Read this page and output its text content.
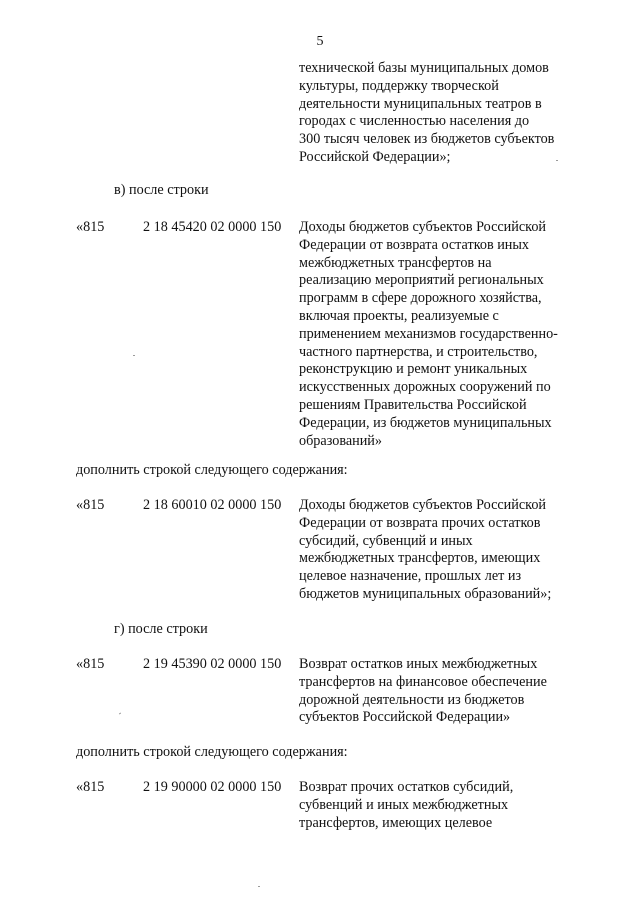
5
технической базы муниципальных домов
культуры, поддержку творческой
деятельности муниципальных театров в
городах с численностью населения до
300 тысяч человек из бюджетов субъектов
Российской Федерации»;
в) после строки
«815	2 18 45420 02 0000 150 Доходы бюджетов субъектов Российской
Федерации от возврата остатков иных
межбюджетных трансфертов на
реализацию мероприятий региональных
программ в сфере дорожного хозяйства,
включая проекты, реализуемые с
применением механизмов государственно-
частного партнерства, и строительство,
реконструкцию и ремонт уникальных
искусственных дорожных сооружений по
решениям Правительства Российской
Федерации, из бюджетов муниципальных
образований»
дополнить строкой следующего содержания:
«815	2 18 60010 02 0000 150 Доходы бюджетов субъектов Российской
Федерации от возврата прочих остатков
субсидий, субвенций и иных
межбюджетных трансфертов, имеющих
целевое назначение, прошлых лет из
бюджетов муниципальных образований»;
г) после строки
«815	2 19 45390 02 0000 150 Возврат остатков иных межбюджетных
трансфертов на финансовое обеспечение
дорожной деятельности из бюджетов
субъектов Российской Федерации»
дополнить строкой следующего содержания:
«815	2 19 90000 02 0000 150 Возврат прочих остатков субсидий,
субвенций и иных межбюджетных
трансфертов, имеющих целевое
